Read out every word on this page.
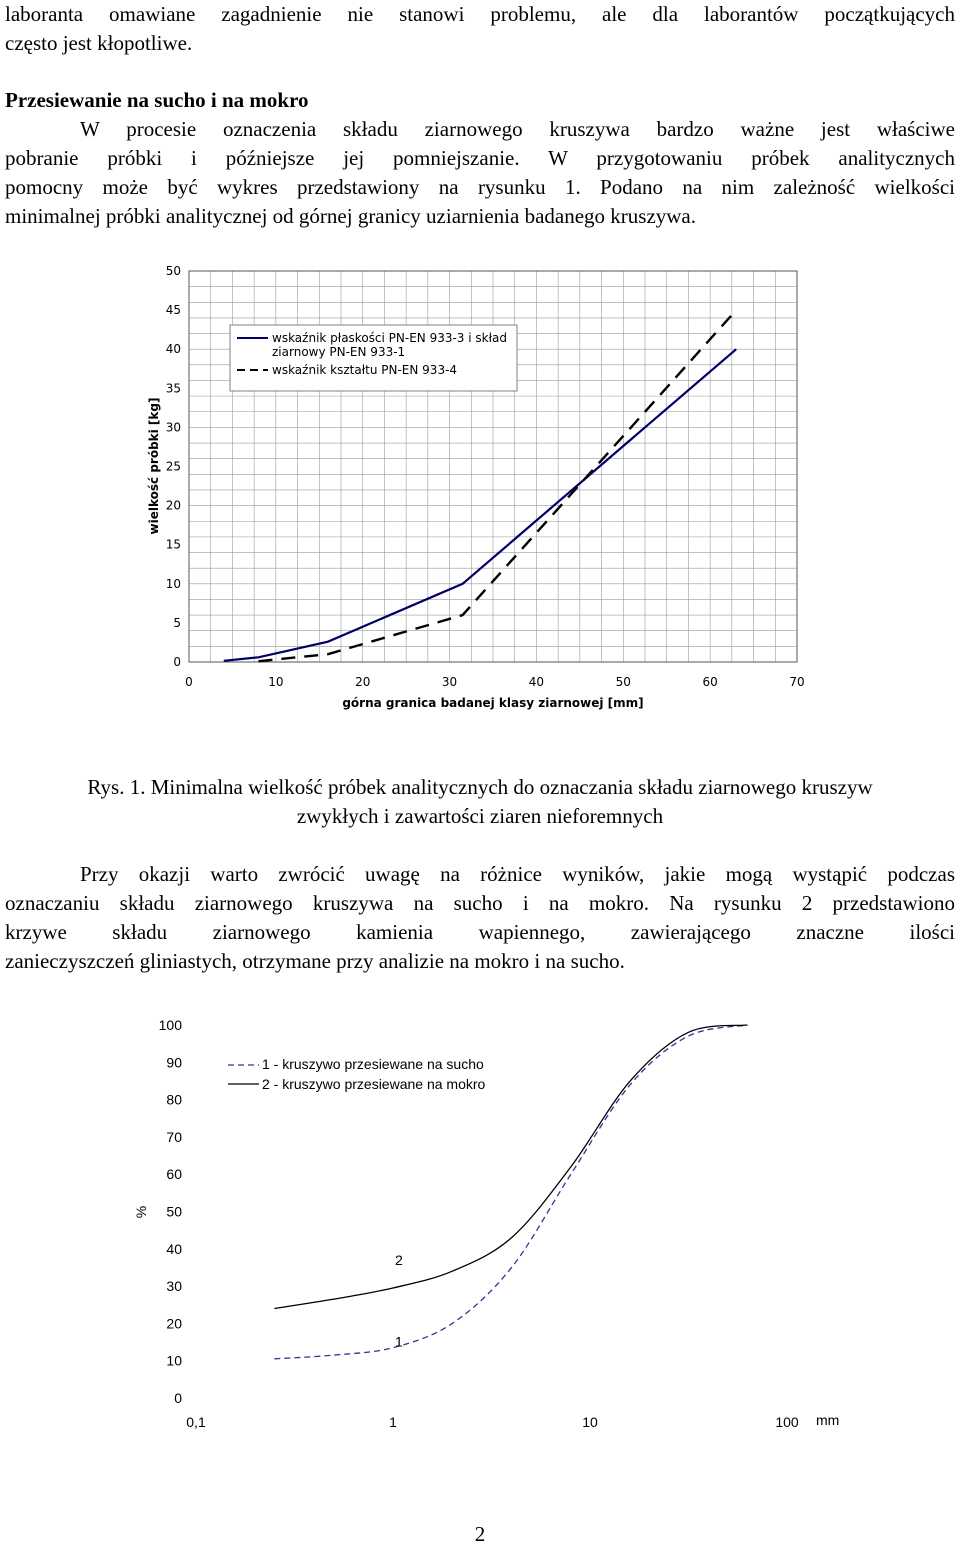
laboranta omawiane zagadnienie nie stanowi problemu, ale dla laborantów początkujących

często jest kłopotliwe.

Przesiewanie na sucho i na mokro

W procesie oznaczenia składu ziarnowego kruszywa bardzo ważne jest właściwe

pobranie próbki i późniejsze jej pomniejszanie. W przygotowaniu próbek analitycznych

pomocny może być wykres przedstawiony na rysunku 1. Podano na nim zależność wielkości

minimalnej próbki analitycznej od górnej granicy uziarnienia badanego kruszywa.

0
5
10
15
20
25
30
35
40
45
50
0	10	20	30	40	50	60	70
wielkość próbki [kg]
górna granica badanej klasy ziarnowej [mm]
wskaźnik płaskości PN-EN 933-3 i skład
ziarnowy PN-EN 933-1
wskaźnik kształtu PN-EN 933-4

Rys. 1. Minimalna wielkość próbek analitycznych do oznaczania składu ziarnowego kruszyw

zwykłych i zawartości ziaren nieforemnych

Przy okazji warto zwrócić uwagę na różnice wyników, jakie mogą wystąpić podczas

oznaczaniu składu ziarnowego kruszywa na sucho i na mokro. Na rysunku 2 przedstawiono

krzywe składu ziarnowego kamienia wapiennego, zawierającego znaczne ilości

zanieczyszczeń gliniastych, otrzymane przy analizie na mokro i na sucho.

0
10
20
30
40
50
60
70
80
90
100
0,1	1	10	100
%
mm
1
2
1 - kruszywo przesiewane na sucho
2 - kruszywo przesiewane na mokro
2
